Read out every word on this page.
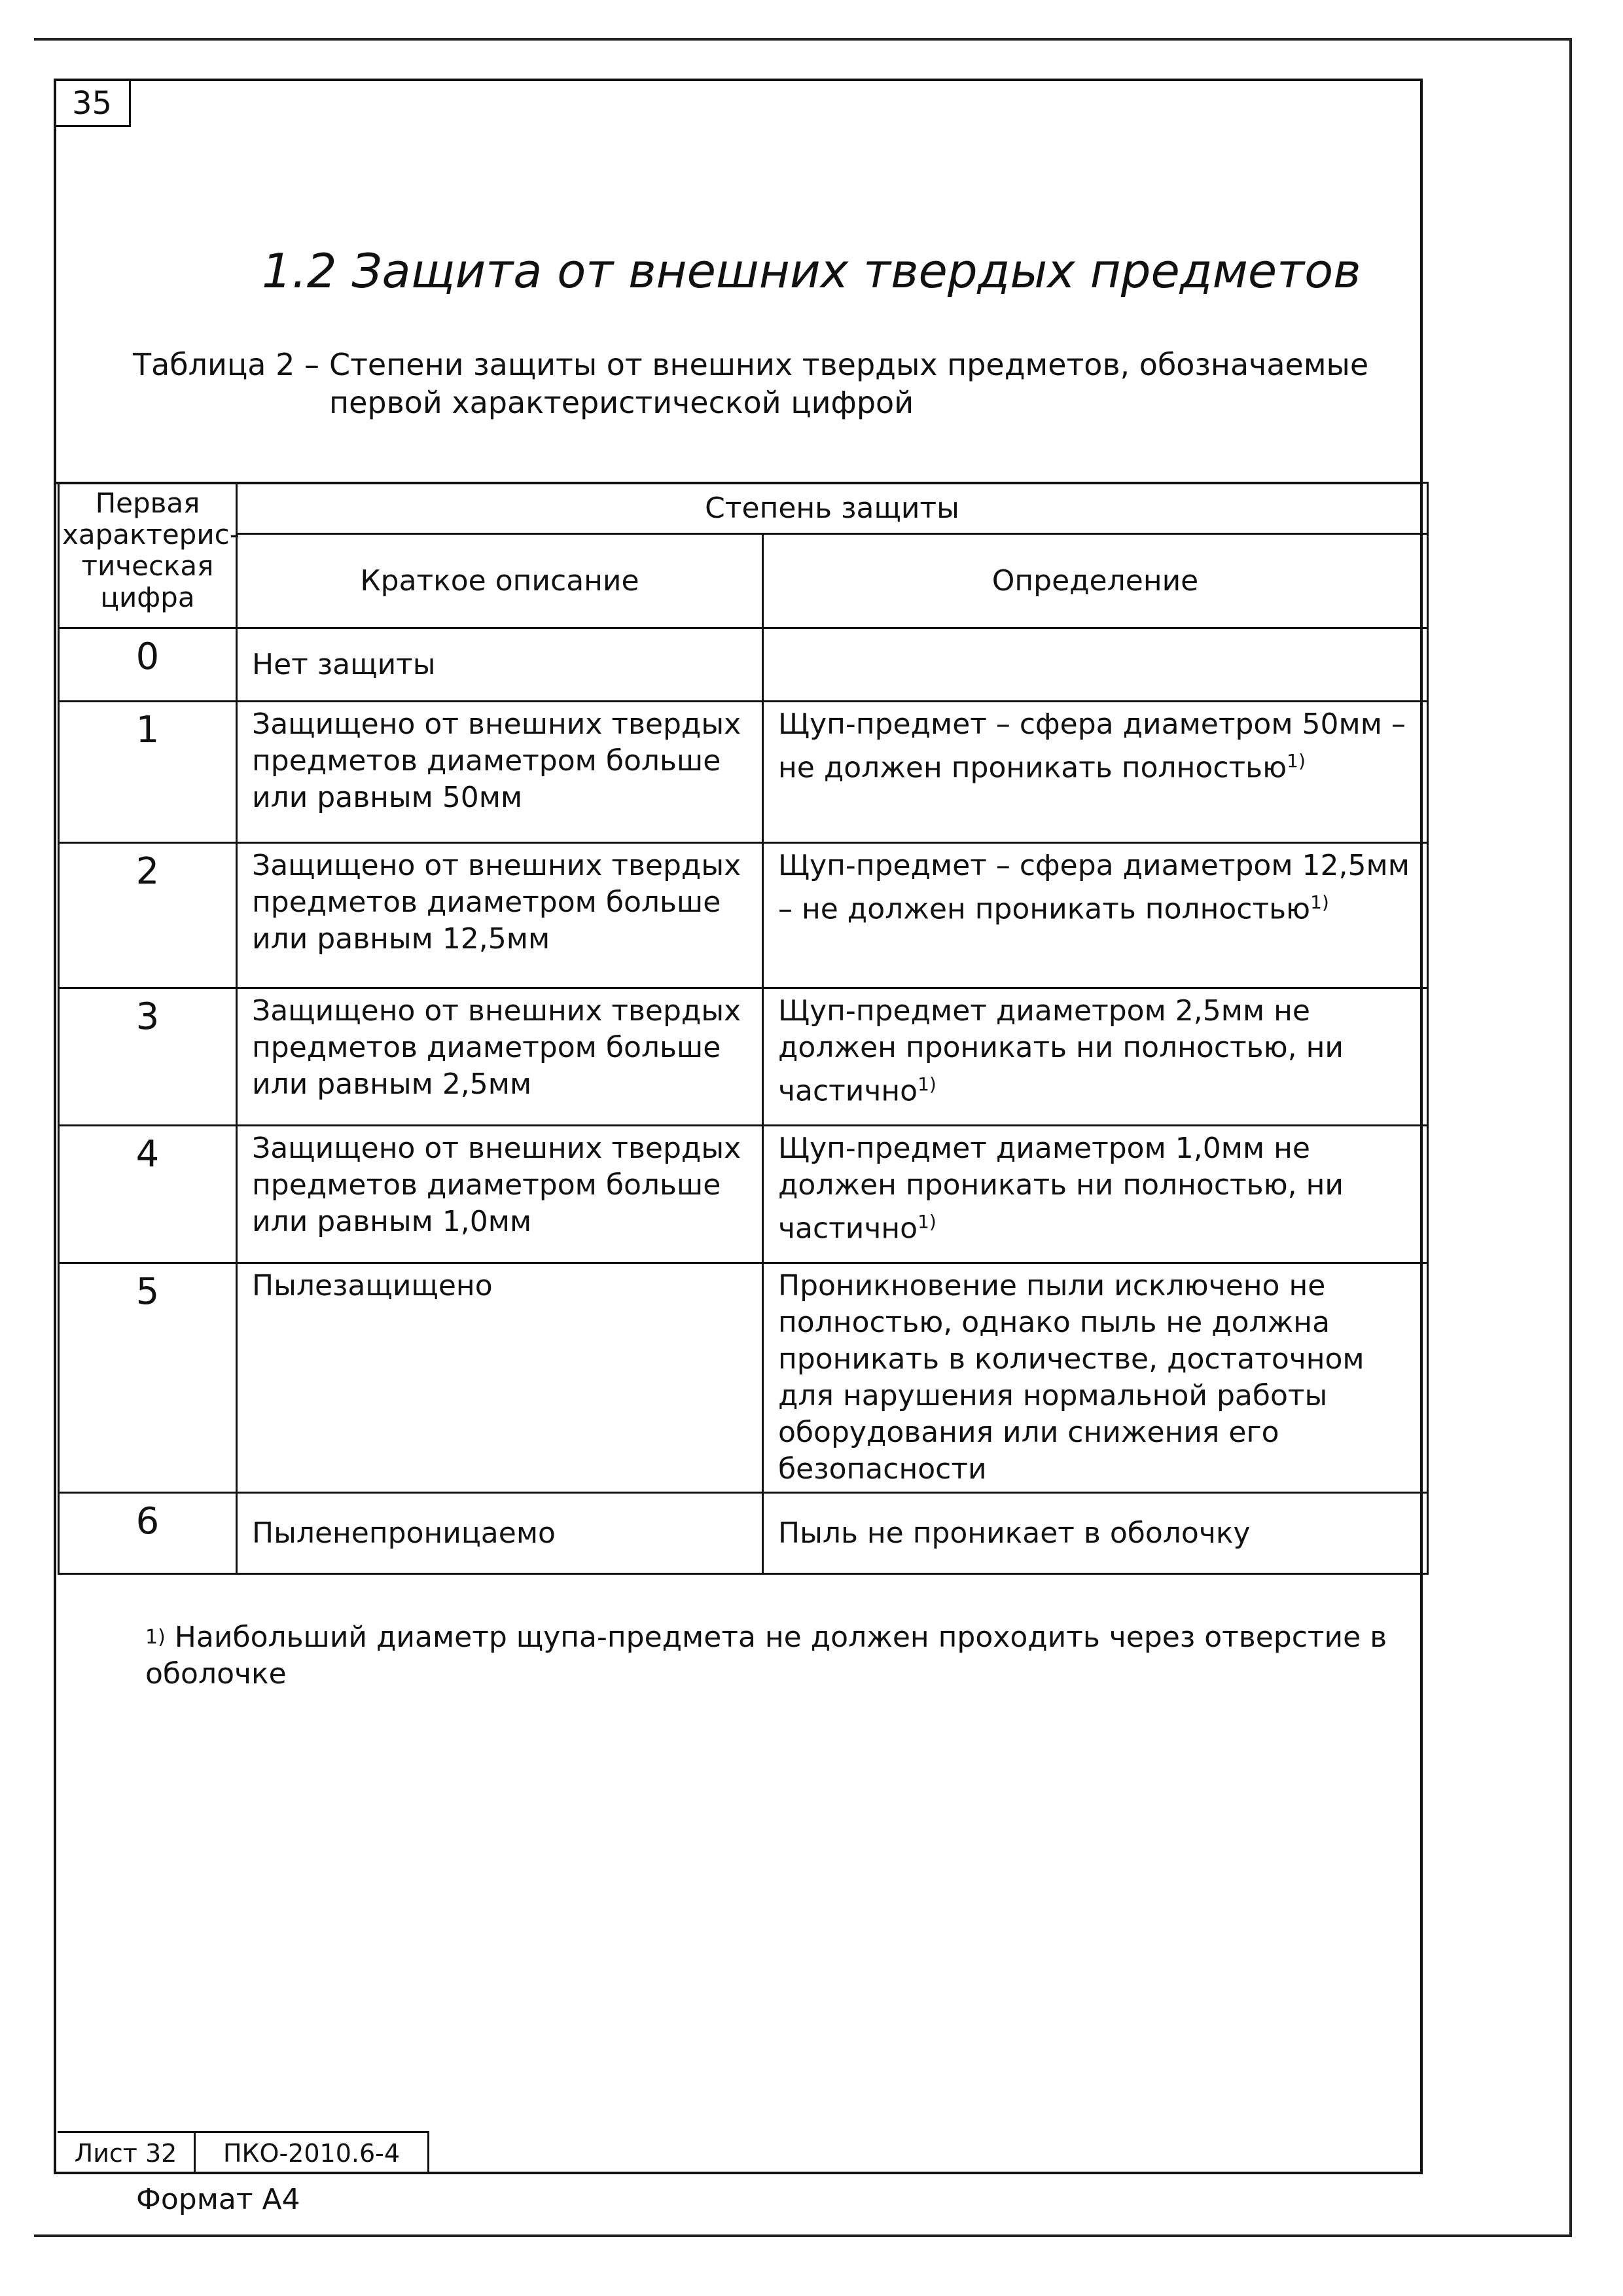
35
1.2 Защита от внешних твердых предметов
Таблица 2 – Степени защиты от внешних твердых предметов, обозначаемые первой характеристической цифрой
Первая характерис-тическая цифра	Степень защиты	
	Краткое описание	Определение
0	Нет защиты	
1	Защищено от внешних твердых предметов диаметром больше или равным 50мм	Щуп-предмет – сфера диаметром 50мм – не должен проникать полностью$^{1)}$
2	Защищено от внешних твердых предметов диаметром больше или равным 12,5мм	Щуп-предмет – сфера диаметром 12,5мм – не должен проникать полностью$^{1)}$
3	Защищено от внешних твердых предметов диаметром больше или равным 2,5мм	Щуп-предмет диаметром 2,5мм не должен проникать ни полностью, ни частично$^{1)}$
4	Защищено от внешних твердых предметов диаметром больше или равным 1,0мм	Щуп-предмет диаметром 1,0мм не должен проникать ни полностью, ни частично$^{1)}$
5	Пылезащищено	Проникновение пыли исключено не полностью, однако пыль не должна проникать в количестве, достаточном для нарушения нормальной работы оборудования или снижения его безопасности
6	Пыленепроницаемо	Пыль не проникает в оболочку
$^{1)}$ Наибольший диаметр щупа-предмета не должен проходить через отверстие в оболочке
Лист 32	ПКО-2010.6-4
Формат А4
